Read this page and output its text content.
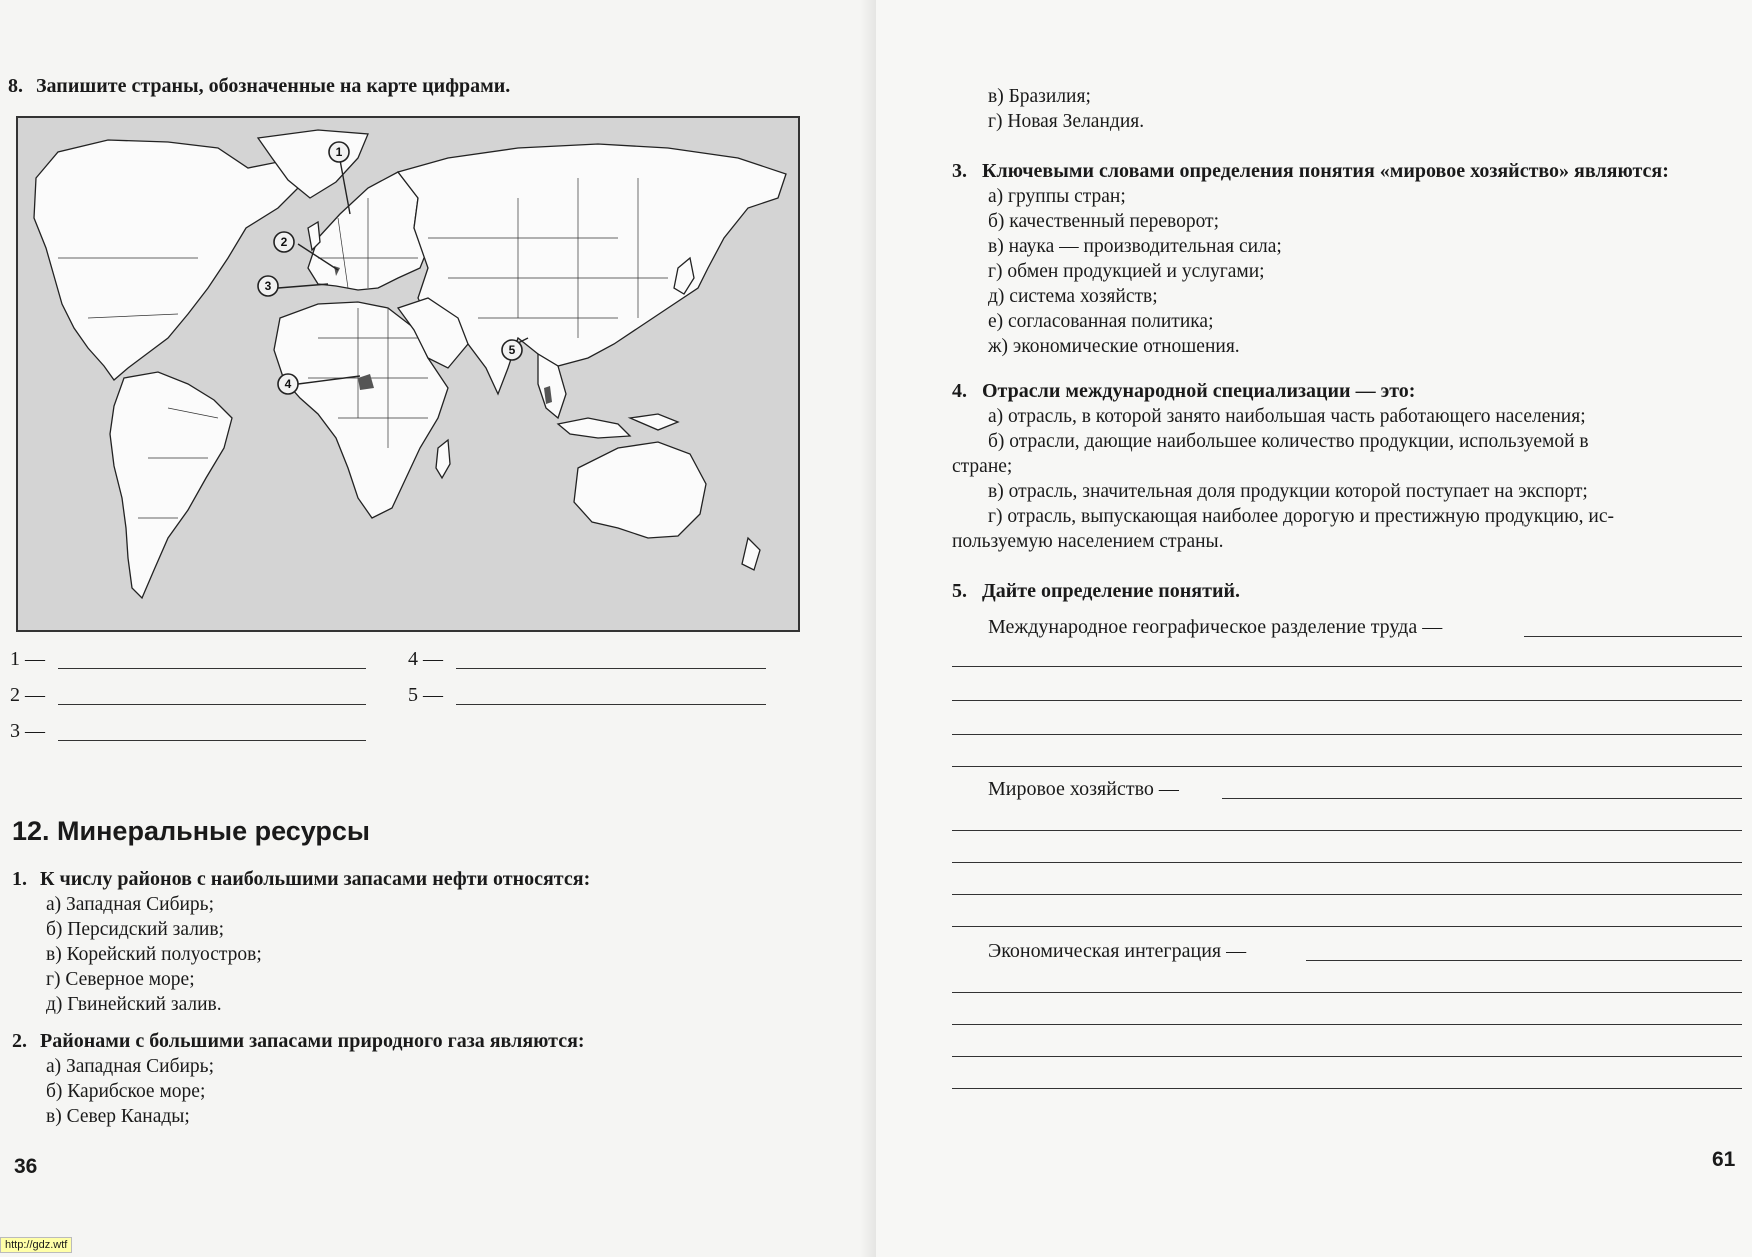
8. Запишите страны, обозначенные на карте цифрами.
1
2
3
4
5
1 —
2 —
3 —
4 —
5 —
12. Минеральные ресурсы
1. К числу районов с наибольшими запасами нефти относятся:
а) Западная Сибирь;
б) Персидский залив;
в) Корейский полуостров;
г) Северное море;
д) Гвинейский залив.
2. Районами с большими запасами природного газа являются:
а) Западная Сибирь;
б) Карибское море;
в) Север Канады;
36
в) Бразилия;
г) Новая Зеландия.
3. Ключевыми словами определения понятия «мировое хозяйство» являются:
а) группы стран;
б) качественный переворот;
в) наука — производительная сила;
г) обмен продукцией и услугами;
д) система хозяйств;
е) согласованная политика;
ж) экономические отношения.
4. Отрасли международной специализации — это:
а) отрасль, в которой занято наибольшая часть работающего населения;
б) отрасли, дающие наибольшее количество продукции, используемой в
стране;
в) отрасль, значительная доля продукции которой поступает на экспорт;
г) отрасль, выпускающая наиболее дорогую и престижную продукцию, ис-
пользуемую населением страны.
5. Дайте определение понятий.
Международное географическое разделение труда —
Мировое хозяйство —
Экономическая интеграция —
61
http://gdz.wtf
